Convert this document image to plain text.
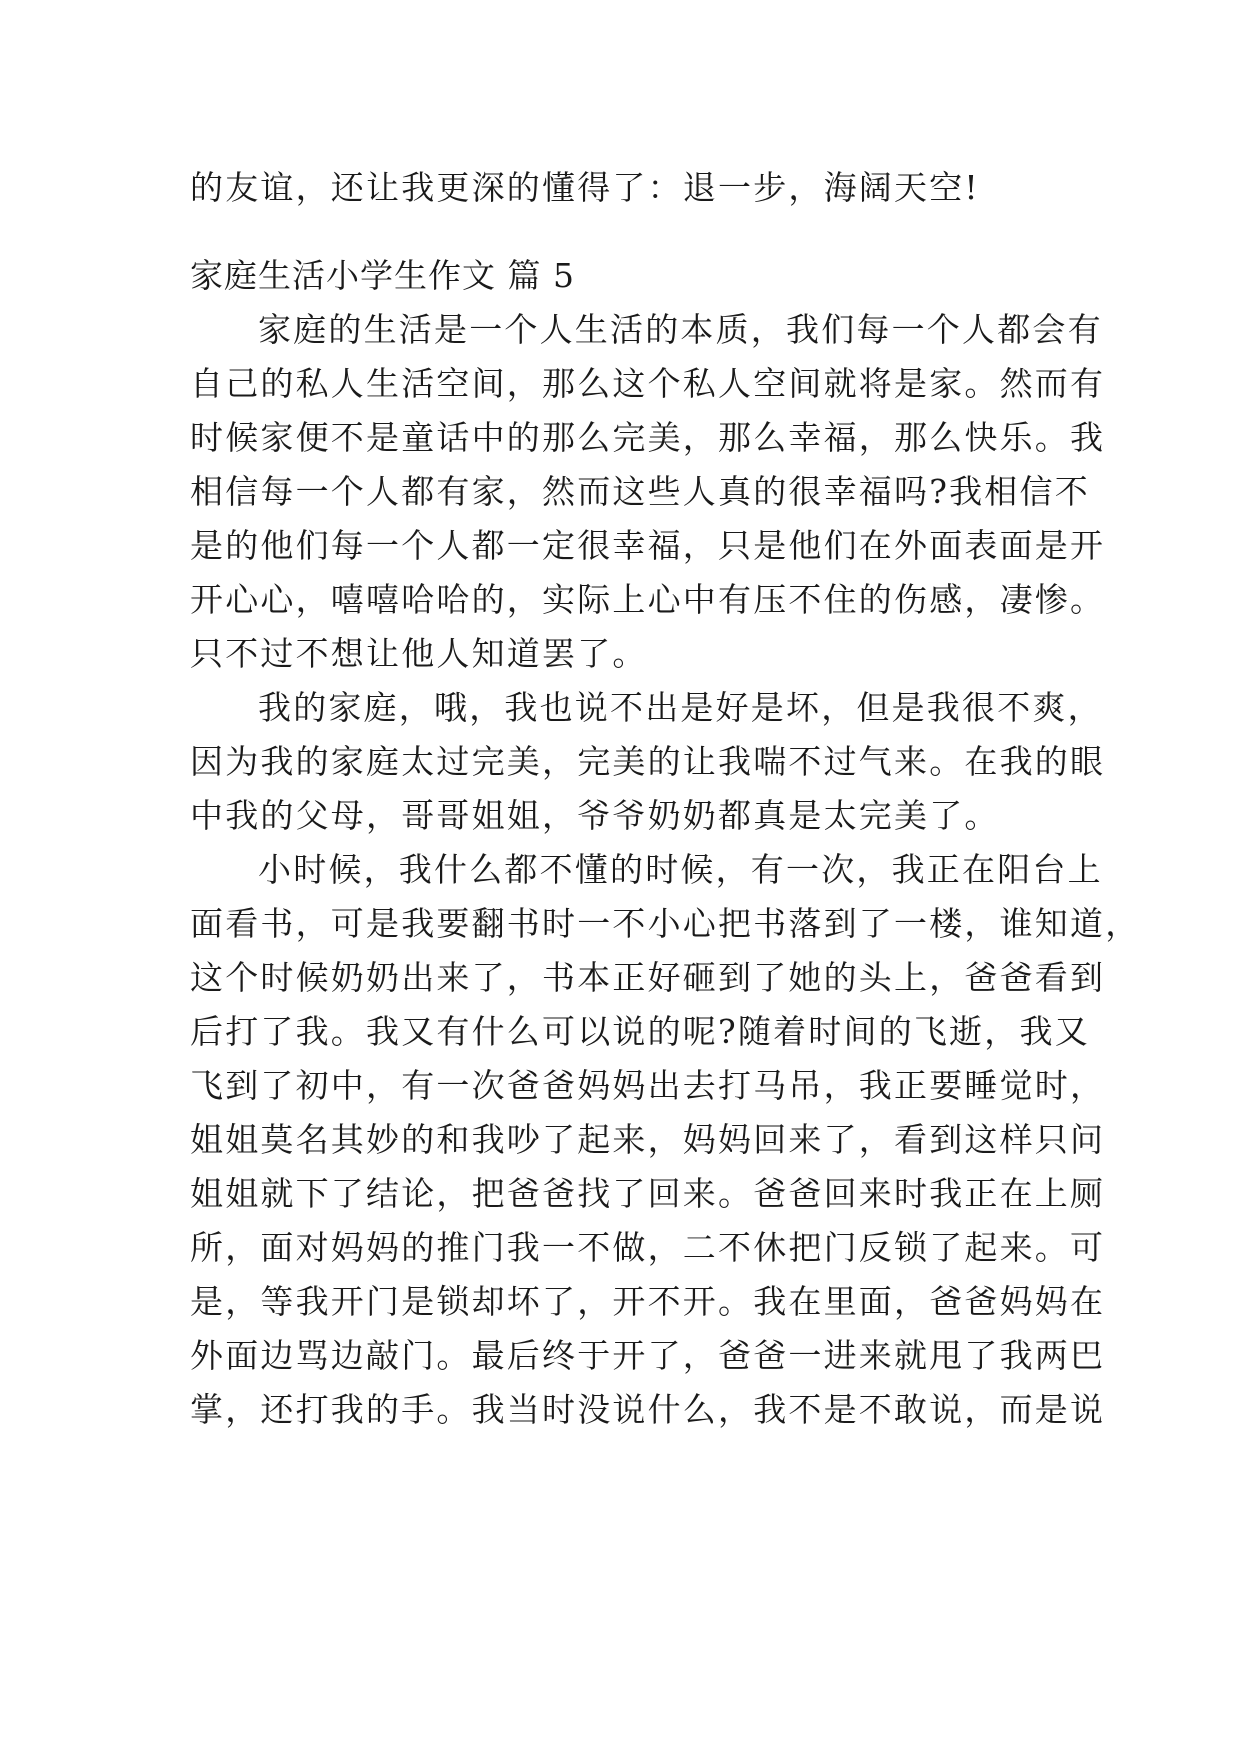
的友谊，还让我更深的懂得了：退一步，海阔天空!
家庭生活小学生作文 篇 5
家庭的生活是一个人生活的本质，我们每一个人都会有
自己的私人生活空间，那么这个私人空间就将是家。然而有
时候家便不是童话中的那么完美，那么幸福，那么快乐。我
相信每一个人都有家，然而这些人真的很幸福吗?我相信不
是的他们每一个人都一定很幸福，只是他们在外面表面是开
开心心，嘻嘻哈哈的，实际上心中有压不住的伤感，凄惨。
只不过不想让他人知道罢了。
我的家庭，哦，我也说不出是好是坏，但是我很不爽，
因为我的家庭太过完美，完美的让我喘不过气来。在我的眼
中我的父母，哥哥姐姐，爷爷奶奶都真是太完美了。
小时候，我什么都不懂的时候，有一次，我正在阳台上
面看书，可是我要翻书时一不小心把书落到了一楼，谁知道，
这个时候奶奶出来了，书本正好砸到了她的头上，爸爸看到
后打了我。我又有什么可以说的呢?随着时间的飞逝，我又
飞到了初中，有一次爸爸妈妈出去打马吊，我正要睡觉时，
姐姐莫名其妙的和我吵了起来，妈妈回来了，看到这样只问
姐姐就下了结论，把爸爸找了回来。爸爸回来时我正在上厕
所，面对妈妈的推门我一不做，二不休把门反锁了起来。可
是，等我开门是锁却坏了，开不开。我在里面，爸爸妈妈在
外面边骂边敲门。最后终于开了，爸爸一进来就甩了我两巴
掌，还打我的手。我当时没说什么，我不是不敢说，而是说
